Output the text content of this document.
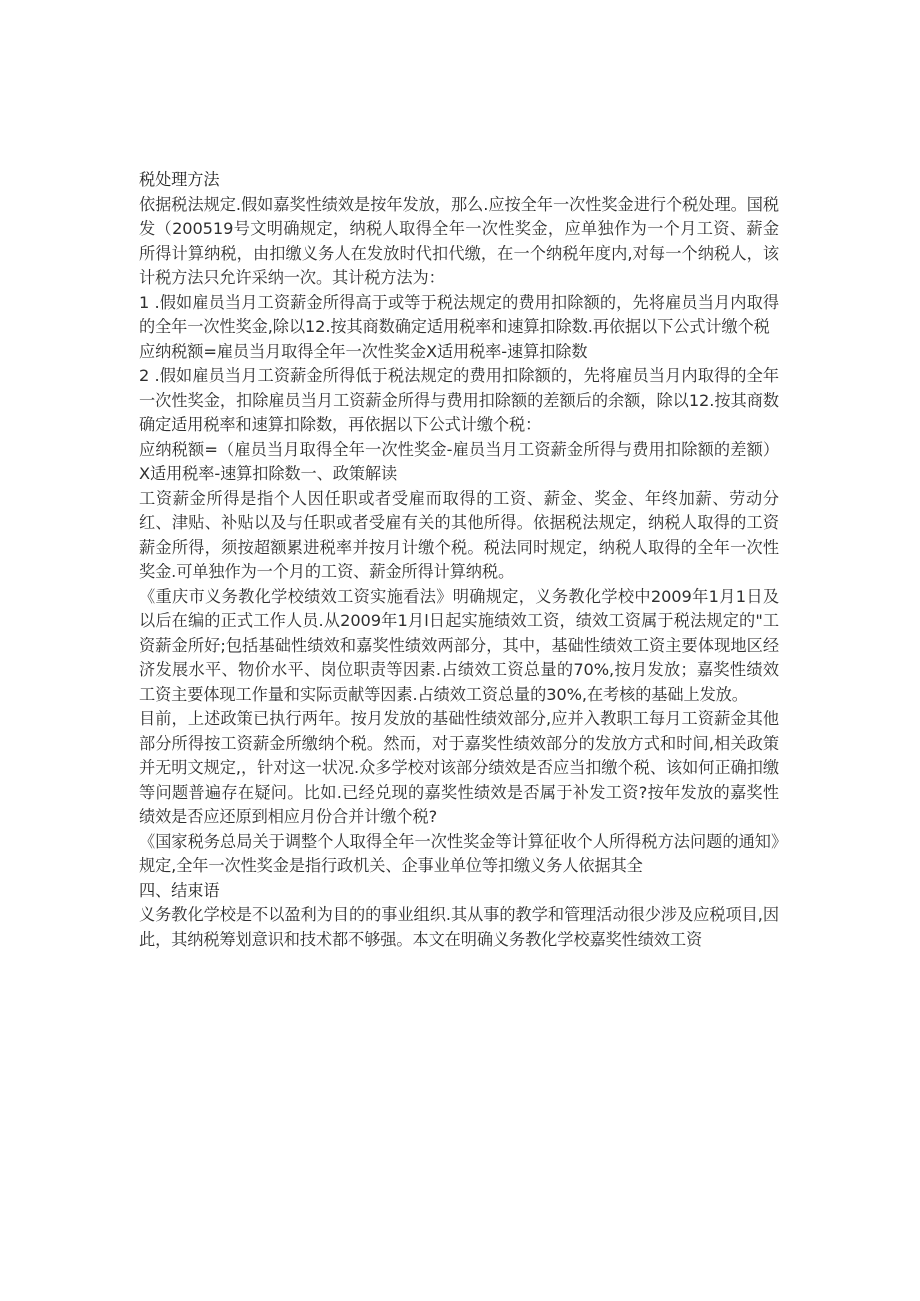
税处理方法

依据税法规定.假如嘉奖性绩效是按年发放，那么.应按全年一次性奖金进行个税处理。国税发（200519号文明确规定，纳税人取得全年一次性奖金，应单独作为一个月工资、薪金所得计算纳税，由扣缴义务人在发放时代扣代缴，在一个纳税年度内,对每一个纳税人，该计税方法只允许采纳一次。其计税方法为：

1 .假如雇员当月工资薪金所得高于或等于税法规定的费用扣除额的，先将雇员当月内取得的全年一次性奖金,除以12.按其商数确定适用税率和速算扣除数.再依据以下公式计缴个税

应纳税额=雇员当月取得全年一次性奖金X适用税率-速算扣除数

2 .假如雇员当月工资薪金所得低于税法规定的费用扣除额的，先将雇员当月内取得的全年一次性奖金，扣除雇员当月工资薪金所得与费用扣除额的差额后的余额，除以12.按其商数确定适用税率和速算扣除数，再依据以下公式计缴个税：

应纳税额=（雇员当月取得全年一次性奖金-雇员当月工资薪金所得与费用扣除额的差额）X适用税率-速算扣除数一、政策解读

工资薪金所得是指个人因任职或者受雇而取得的工资、薪金、奖金、年终加薪、劳动分红、津贴、补贴以及与任职或者受雇有关的其他所得。依据税法规定，纳税人取得的工资薪金所得，须按超额累进税率并按月计缴个税。税法同时规定，纳税人取得的全年一次性奖金.可单独作为一个月的工资、薪金所得计算纳税。

《重庆市义务教化学校绩效工资实施看法》明确规定，义务教化学校中2009年1月1日及以后在编的正式工作人员.从2009年1月l日起实施绩效工资，绩效工资属于税法规定的"工资薪金所好;包括基础性绩效和嘉奖性绩效两部分，其中，基础性绩效工资主要体现地区经济发展水平、物价水平、岗位职责等因素.占绩效工资总量的70%,按月发放；嘉奖性绩效工资主要体现工作量和实际贡献等因素.占绩效工资总量的30%,在考核的基础上发放。

目前，上述政策已执行两年。按月发放的基础性绩效部分,应并入教职工每月工资薪金其他部分所得按工资薪金所缴纳个税。然而，对于嘉奖性绩效部分的发放方式和时间,相关政策并无明文规定,，针对这一状况.众多学校对该部分绩效是否应当扣缴个税、该如何正确扣缴等问题普遍存在疑问。比如.已经兑现的嘉奖性绩效是否属于补发工资?按年发放的嘉奖性绩效是否应还原到相应月份合并计缴个税?

《国家税务总局关于调整个人取得全年一次性奖金等计算征收个人所得税方法问题的通知》规定,全年一次性奖金是指行政机关、企事业单位等扣缴义务人依据其全

四、结束语

义务教化学校是不以盈利为目的的事业组织.其从事的教学和管理活动很少涉及应税项目,因此，其纳税筹划意识和技术都不够强。本文在明确义务教化学校嘉奖性绩效工资
